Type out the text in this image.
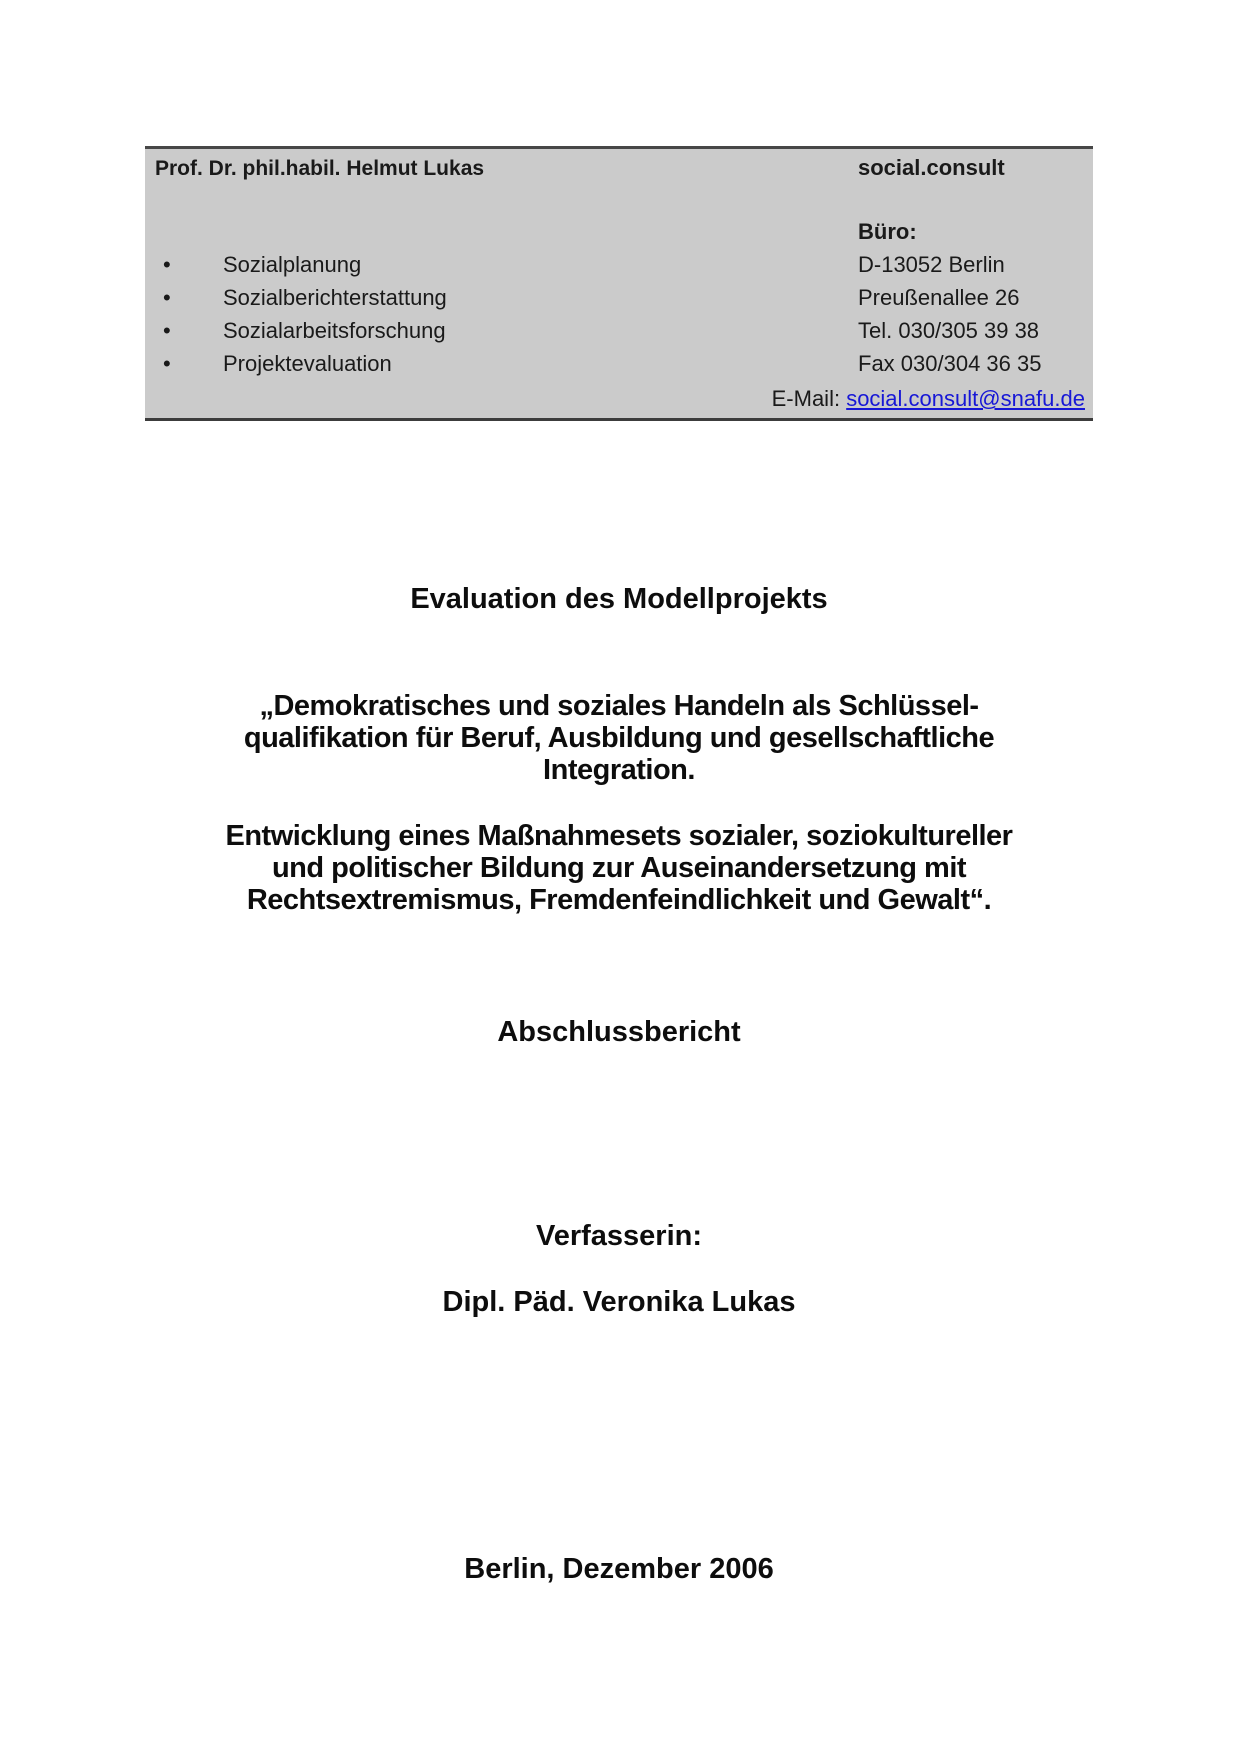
Prof. Dr. phil.habil. Helmut Lukas	social.consult
Büro:
•	Sozialplanung	D-13052 Berlin
•	Sozialberichterstattung	Preußenallee 26
•	Sozialarbeitsforschung	Tel. 030/305 39 38
•	Projektevaluation	Fax 030/304 36 35
E-Mail: social.consult@snafu.de
Evaluation des Modellprojekts
„Demokratisches und soziales Handeln als Schlüssel-
qualifikation für Beruf, Ausbildung und gesellschaftliche
Integration.
Entwicklung eines Maßnahmesets sozialer, soziokultureller
und politischer Bildung zur Auseinandersetzung mit
Rechtsextremismus, Fremdenfeindlichkeit und Gewalt“.
Abschlussbericht
Verfasserin:
Dipl. Päd. Veronika Lukas
Berlin, Dezember 2006
